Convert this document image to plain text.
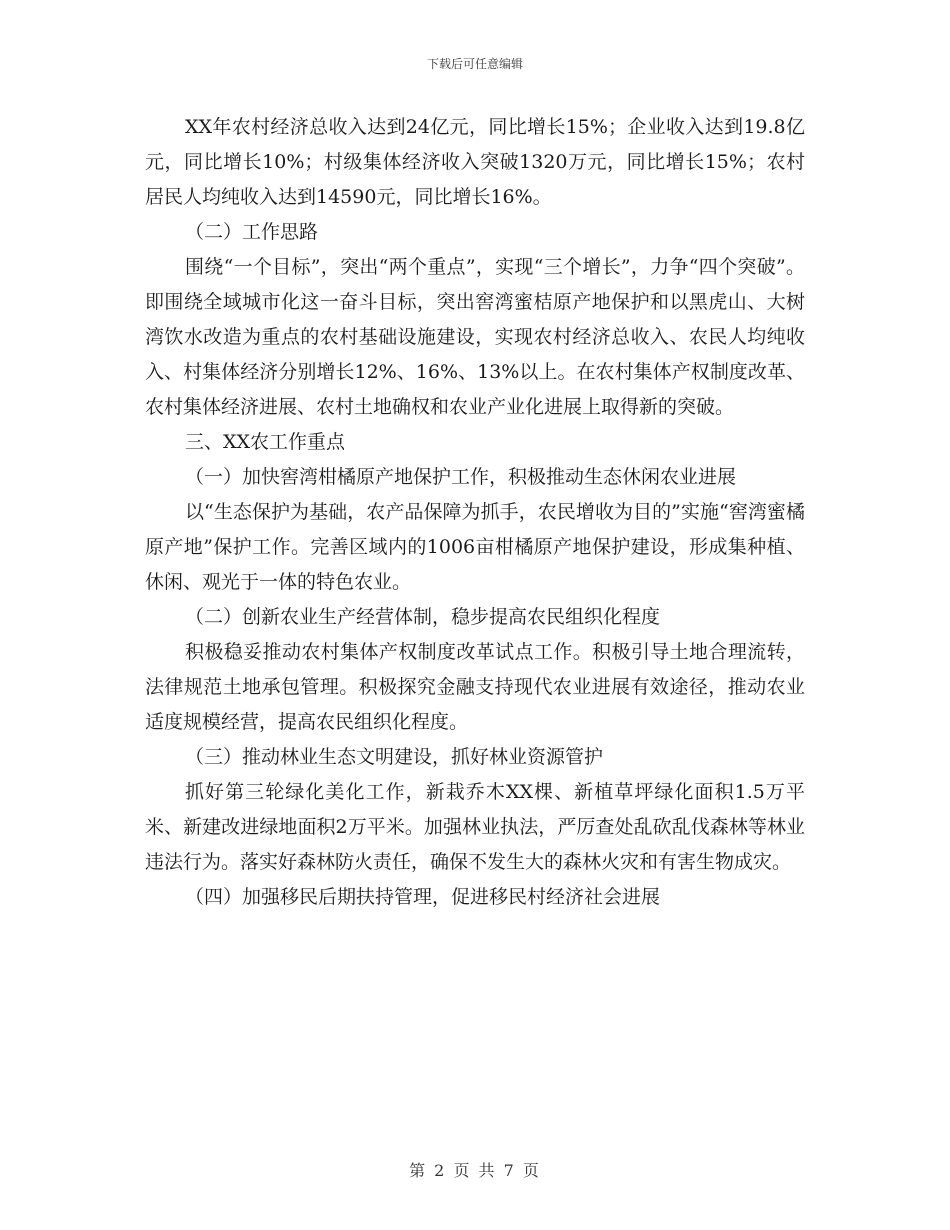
下载后可任意编辑

XX年农村经济总收入达到24亿元，同比增长15%；企业收入达到19.8亿元，同比增长10%；村级集体经济收入突破1320万元，同比增长15%；农村居民人均纯收入达到14590元，同比增长16%。

（二）工作思路

围绕“一个目标”，突出“两个重点”，实现“三个增长”，力争“四个突破”。即围绕全域城市化这一奋斗目标，突出窖湾蜜桔原产地保护和以黑虎山、大树湾饮水改造为重点的农村基础设施建设，实现农村经济总收入、农民人均纯收入、村集体经济分别增长12%、16%、13%以上。在农村集体产权制度改革、农村集体经济进展、农村土地确权和农业产业化进展上取得新的突破。

三、XX农工作重点

（一）加快窖湾柑橘原产地保护工作，积极推动生态休闲农业进展

以“生态保护为基础，农产品保障为抓手，农民增收为目的”实施“窖湾蜜橘原产地”保护工作。完善区域内的1006亩柑橘原产地保护建设，形成集种植、休闲、观光于一体的特色农业。

（二）创新农业生产经营体制，稳步提高农民组织化程度

积极稳妥推动农村集体产权制度改革试点工作。积极引导土地合理流转，法律规范土地承包管理。积极探究金融支持现代农业进展有效途径，推动农业适度规模经营，提高农民组织化程度。

（三）推动林业生态文明建设，抓好林业资源管护

抓好第三轮绿化美化工作，新栽乔木XX棵、新植草坪绿化面积1.5万平米、新建改进绿地面积2万平米。加强林业执法，严厉查处乱砍乱伐森林等林业违法行为。落实好森林防火责任，确保不发生大的森林火灾和有害生物成灾。

（四）加强移民后期扶持管理，促进移民村经济社会进展

第 2 页 共 7 页
